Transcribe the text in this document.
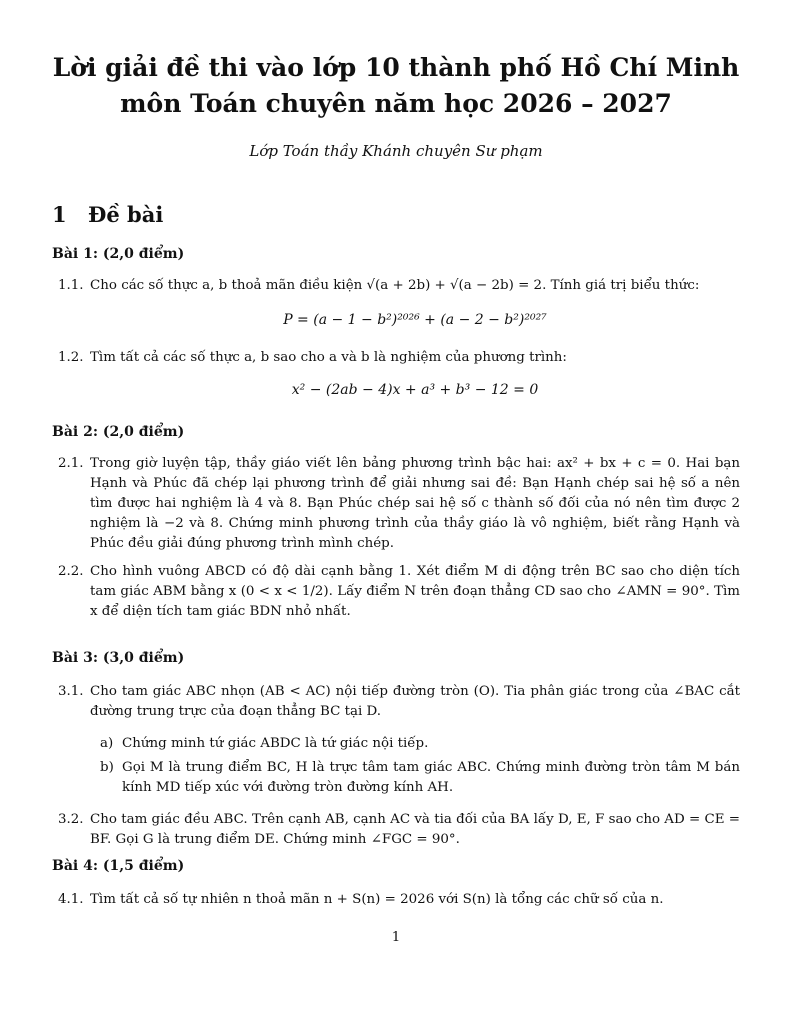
Lời giải đề thi vào lớp 10 thành phố Hồ Chí Minh
môn Toán chuyên năm học 2026 – 2027

Lớp Toán thầy Khánh chuyên Sư phạm

1 Đề bài

Bài 1: (2,0 điểm)

1.1. Cho các số thực a, b thoả mãn điều kiện √(a + 2b) + √(a − 2b) = 2. Tính giá trị biểu thức:

P = (a − 1 − b²)²⁰²⁶ + (a − 2 − b²)²⁰²⁷

1.2. Tìm tất cả các số thực a, b sao cho a và b là nghiệm của phương trình:

x² − (2ab − 4)x + a³ + b³ − 12 = 0

Bài 2: (2,0 điểm)

2.1. Trong giờ luyện tập, thầy giáo viết lên bảng phương trình bậc hai: ax² + bx + c = 0. Hai bạn Hạnh và Phúc đã chép lại phương trình để giải nhưng sai đề: Bạn Hạnh chép sai hệ số a nên tìm được hai nghiệm là 4 và 8. Bạn Phúc chép sai hệ số c thành số đối của nó nên tìm được 2 nghiệm là −2 và 8. Chứng minh phương trình của thầy giáo là vô nghiệm, biết rằng Hạnh và Phúc đều giải đúng phương trình mình chép.

2.2. Cho hình vuông ABCD có độ dài cạnh bằng 1. Xét điểm M di động trên BC sao cho diện tích tam giác ABM bằng x (0 < x < 1/2). Lấy điểm N trên đoạn thẳng CD sao cho ∠AMN = 90°. Tìm x để diện tích tam giác BDN nhỏ nhất.

Bài 3: (3,0 điểm)

3.1. Cho tam giác ABC nhọn (AB < AC) nội tiếp đường tròn (O). Tia phân giác trong của ∠BAC cắt đường trung trực của đoạn thẳng BC tại D.

a) Chứng minh tứ giác ABDC là tứ giác nội tiếp.

b) Gọi M là trung điểm BC, H là trực tâm tam giác ABC. Chứng minh đường tròn tâm M bán kính MD tiếp xúc với đường tròn đường kính AH.

3.2. Cho tam giác đều ABC. Trên cạnh AB, cạnh AC và tia đối của BA lấy D, E, F sao cho AD = CE = BF. Gọi G là trung điểm DE. Chứng minh ∠FGC = 90°.

Bài 4: (1,5 điểm)

4.1. Tìm tất cả số tự nhiên n thoả mãn n + S(n) = 2026 với S(n) là tổng các chữ số của n.

1
